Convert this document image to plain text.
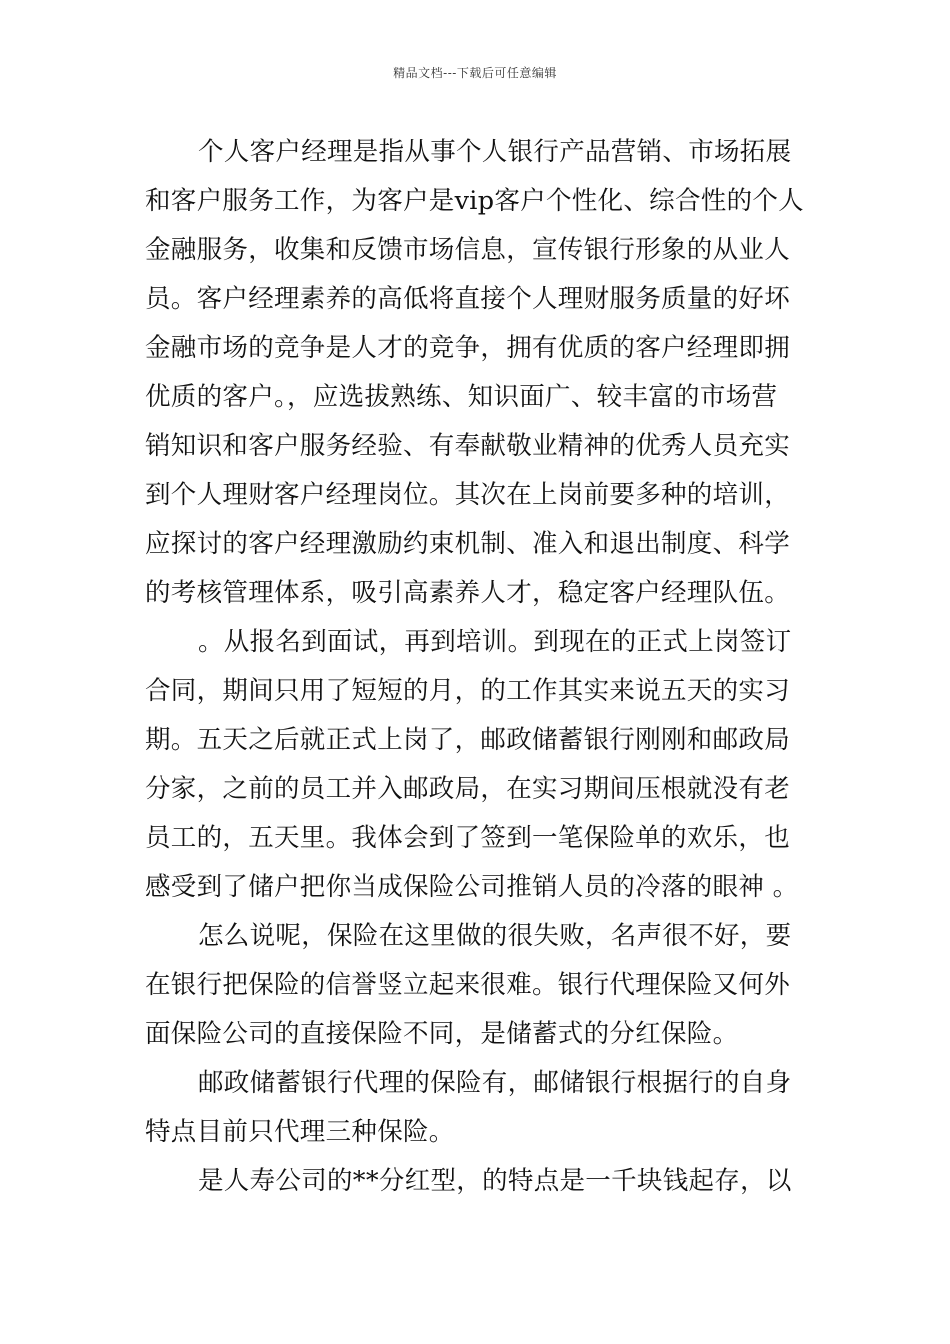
精品文档---下载后可任意编辑
个人客户经理是指从事个人银行产品营销、市场拓展
和客户服务工作，为客户是vip客户个性化、综合性的个人
金融服务，收集和反馈市场信息，宣传银行形象的从业人
员。客户经理素养的高低将直接个人理财服务质量的好坏
金融市场的竞争是人才的竞争，拥有优质的客户经理即拥
优质的客户。，应选拔熟练、知识面广、较丰富的市场营
销知识和客户服务经验、有奉献敬业精神的优秀人员充实
到个人理财客户经理岗位。其次在上岗前要多种的培训，
应探讨的客户经理激励约束机制、准入和退出制度、科学
的考核管理体系，吸引高素养人才，稳定客户经理队伍。
。从报名到面试，再到培训。到现在的正式上岗签订
合同，期间只用了短短的月，的工作其实来说五天的实习
期。五天之后就正式上岗了，邮政储蓄银行刚刚和邮政局
分家，之前的员工并入邮政局，在实习期间压根就没有老
员工的，五天里。我体会到了签到一笔保险单的欢乐，也
感受到了储户把你当成保险公司推销人员的冷落的眼神 。
怎么说呢，保险在这里做的很失败，名声很不好，要
在银行把保险的信誉竖立起来很难。银行代理保险又何外
面保险公司的直接保险不同，是储蓄式的分红保险。
邮政储蓄银行代理的保险有，邮储银行根据行的自身
特点目前只代理三种保险。
是人寿公司的**分红型，的特点是一千块钱起存，以
